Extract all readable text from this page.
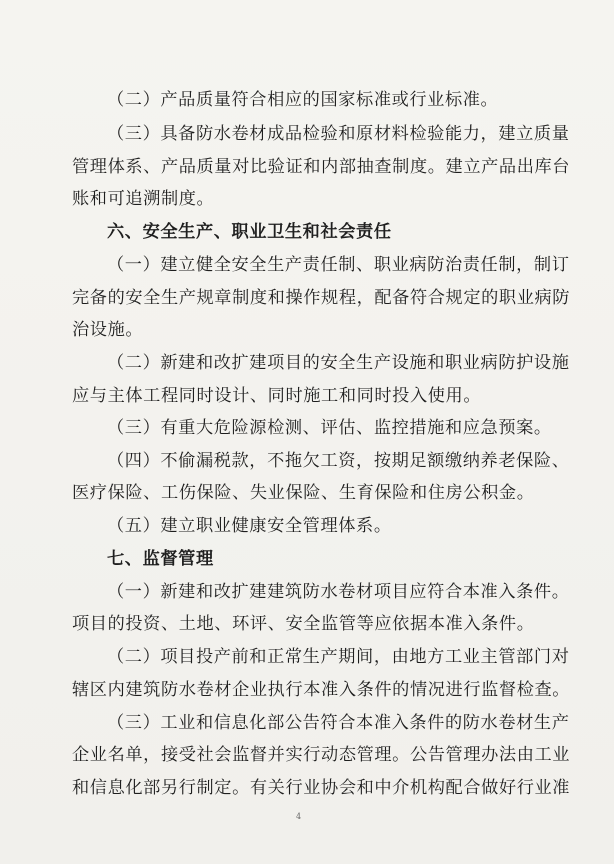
（二）产品质量符合相应的国家标准或行业标准。
（三）具备防水卷材成品检验和原材料检验能力，建立质量
管理体系、产品质量对比验证和内部抽查制度。建立产品出库台
账和可追溯制度。
六、安全生产、职业卫生和社会责任
（一）建立健全安全生产责任制、职业病防治责任制，制订
完备的安全生产规章制度和操作规程，配备符合规定的职业病防
治设施。
（二）新建和改扩建项目的安全生产设施和职业病防护设施
应与主体工程同时设计、同时施工和同时投入使用。
（三）有重大危险源检测、评估、监控措施和应急预案。
（四）不偷漏税款，不拖欠工资，按期足额缴纳养老保险、
医疗保险、工伤保险、失业保险、生育保险和住房公积金。
（五）建立职业健康安全管理体系。
七、监督管理
（一）新建和改扩建建筑防水卷材项目应符合本准入条件。
项目的投资、土地、环评、安全监管等应依据本准入条件。
（二）项目投产前和正常生产期间，由地方工业主管部门对
辖区内建筑防水卷材企业执行本准入条件的情况进行监督检查。
（三）工业和信息化部公告符合本准入条件的防水卷材生产
企业名单，接受社会监督并实行动态管理。公告管理办法由工业
和信息化部另行制定。有关行业协会和中介机构配合做好行业准
4
